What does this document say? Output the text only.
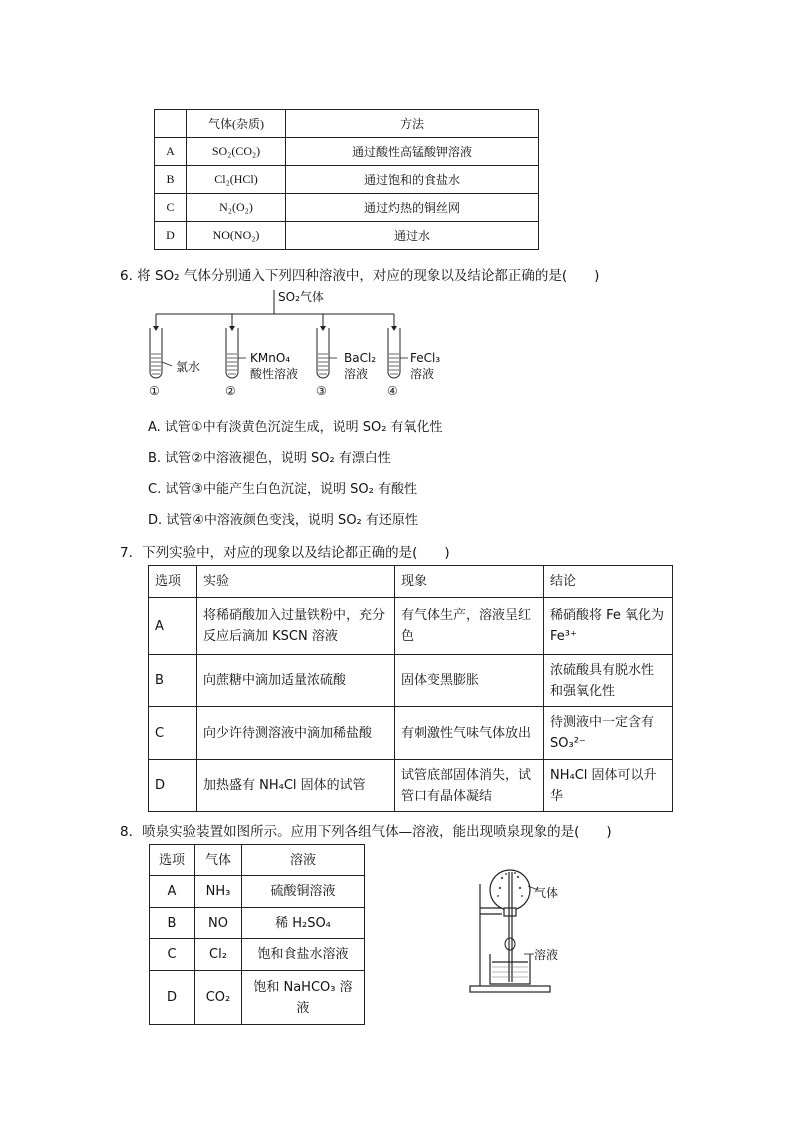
	气体(杂质)	方法
A	SO₂(CO₂)	通过酸性高锰酸钾溶液
B	Cl₂(HCl)	通过饱和的食盐水
C	N₂(O₂)	通过灼热的铜丝网
D	NO(NO₂)	通过水
6. 将 SO₂ 气体分别通入下列四种溶液中，对应的现象以及结论都正确的是(　　)
SO₂气体
氯水
KMnO₄
酸性溶液
BaCl₂
溶液
FeCl₃
溶液
①	②	③	④
A. 试管①中有淡黄色沉淀生成，说明 SO₂ 有氧化性
B. 试管②中溶液褪色，说明 SO₂ 有漂白性
C. 试管③中能产生白色沉淀，说明 SO₂ 有酸性
D. 试管④中溶液颜色变浅，说明 SO₂ 有还原性
7．下列实验中，对应的现象以及结论都正确的是(　　)
选项	实验	现象	结论
A	将稀硝酸加入过量铁粉中，充分反应后滴加 KSCN 溶液	有气体生产，溶液呈红色	稀硝酸将 Fe 氧化为 Fe³⁺
B	向蔗糖中滴加适量浓硫酸	固体变黑膨胀	浓硫酸具有脱水性和强氧化性
C	向少许待测溶液中滴加稀盐酸	有刺激性气味气体放出	待测液中一定含有 SO₃²⁻
D	加热盛有 NH₄Cl 固体的试管	试管底部固体消失，试管口有晶体凝结	NH₄Cl 固体可以升华
8．喷泉实验装置如图所示。应用下列各组气体—溶液，能出现喷泉现象的是(　　)
选项	气体	溶液
A	NH₃	硫酸铜溶液
B	NO	稀 H₂SO₄
C	Cl₂	饱和食盐水溶液
D	CO₂	饱和 NaHCO₃ 溶液
气体
溶液
